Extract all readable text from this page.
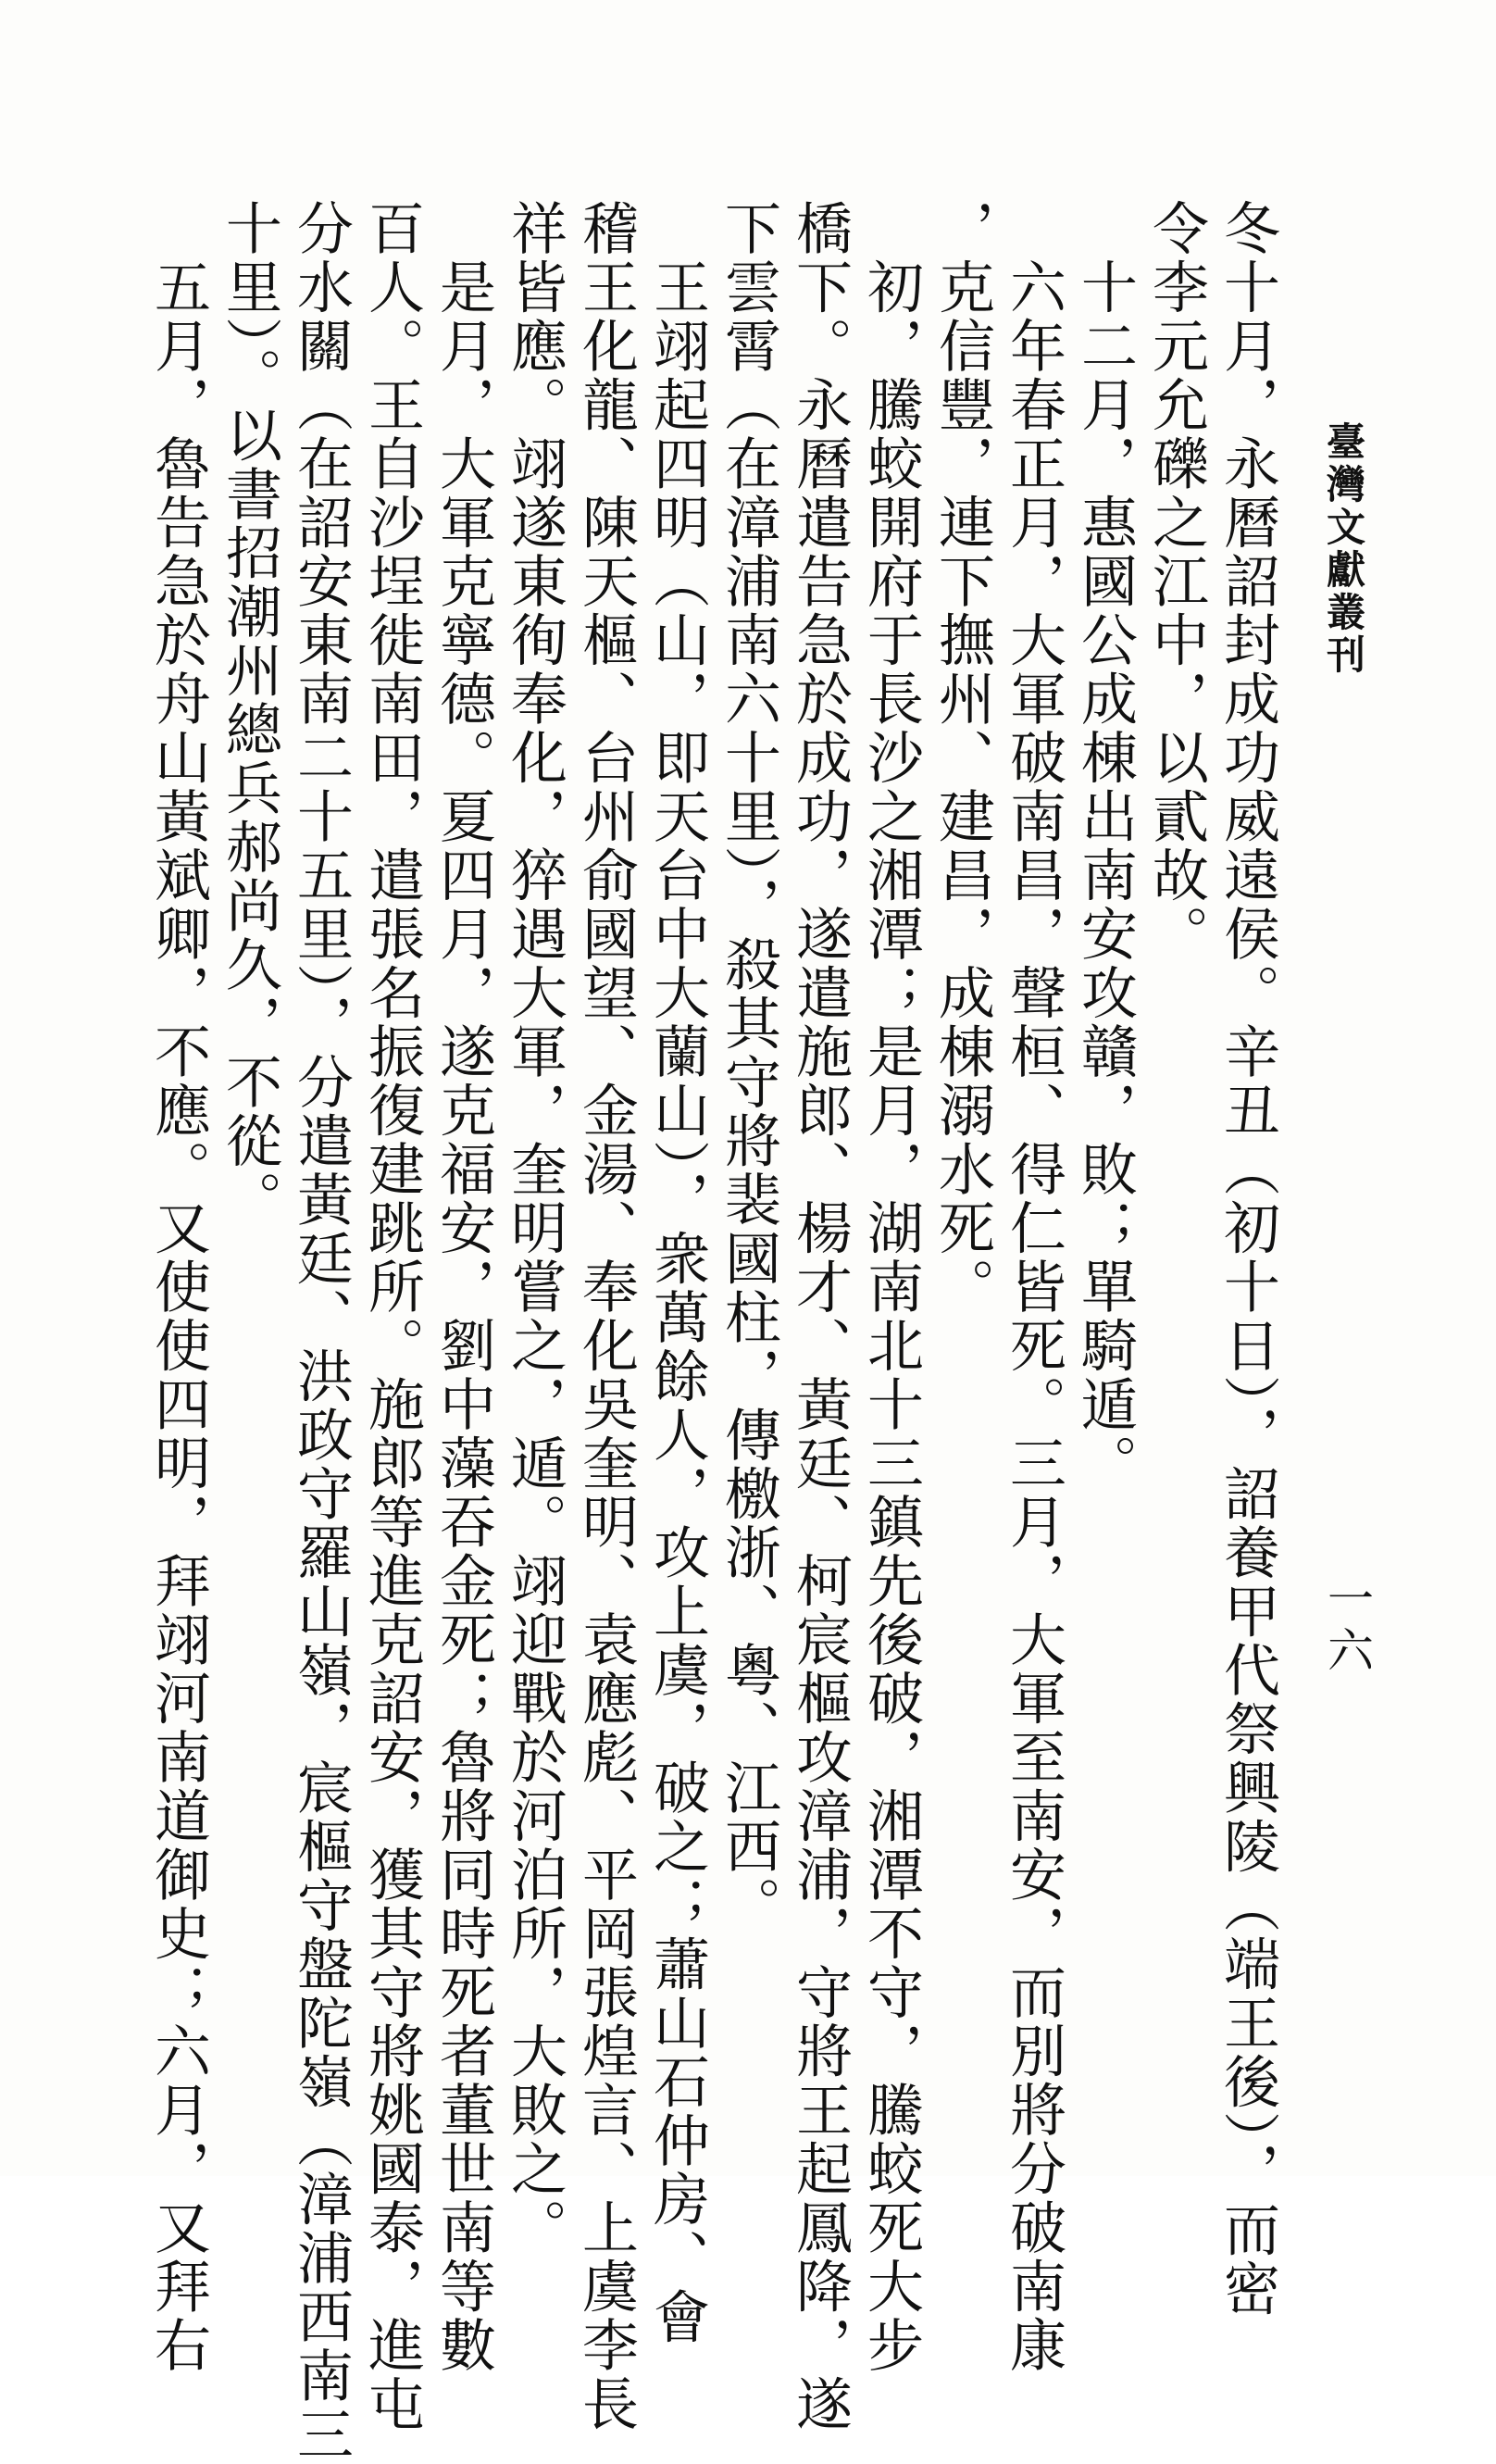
臺灣文獻叢刊
一六
冬十月，永曆詔封成功威遠侯。辛丑（初十日），詔養甲代祭興陵（端王後），而密
令李元允礫之江中，以貳故。
　十二月，惠國公成棟出南安攻贛，敗；單騎遁。
　六年春正月，大軍破南昌，聲桓、得仁皆死。三月，大軍至南安，而別將分破南康
，克信豐，連下撫州、建昌，成棟溺水死。
　初，騰蛟開府于長沙之湘潭；是月，湖南北十三鎮先後破，湘潭不守，騰蛟死大步
橋下。永曆遣告急於成功，遂遣施郎、楊才、黃廷、柯宸樞攻漳浦，守將王起鳳降，遂
下雲霄（在漳浦南六十里），殺其守將裴國柱，傳檄浙、粵、江西。
　王翊起四明（山，即天台中大蘭山），衆萬餘人，攻上虞，破之；蕭山石仲房、會
稽王化龍、陳天樞、台州俞國望、金湯、奉化吳奎明、袁應彪、平岡張煌言、上虞李長
祥皆應。翊遂東徇奉化，猝遇大軍，奎明嘗之，遁。翊迎戰於河泊所，大敗之。
　是月，大軍克寧德。夏四月，遂克福安，劉中藻吞金死；魯將同時死者董世南等數
百人。王自沙埕徙南田，遣張名振復建跳所。施郎等進克詔安，獲其守將姚國泰，進屯
分水關（在詔安東南二十五里），分遣黃廷、洪政守羅山嶺，宸樞守盤陀嶺（漳浦西南三
十里）。以書招潮州總兵郝尚久，不從。
　五月，魯告急於舟山黃斌卿，不應。又使使四明，拜翊河南道御史；六月，又拜右
